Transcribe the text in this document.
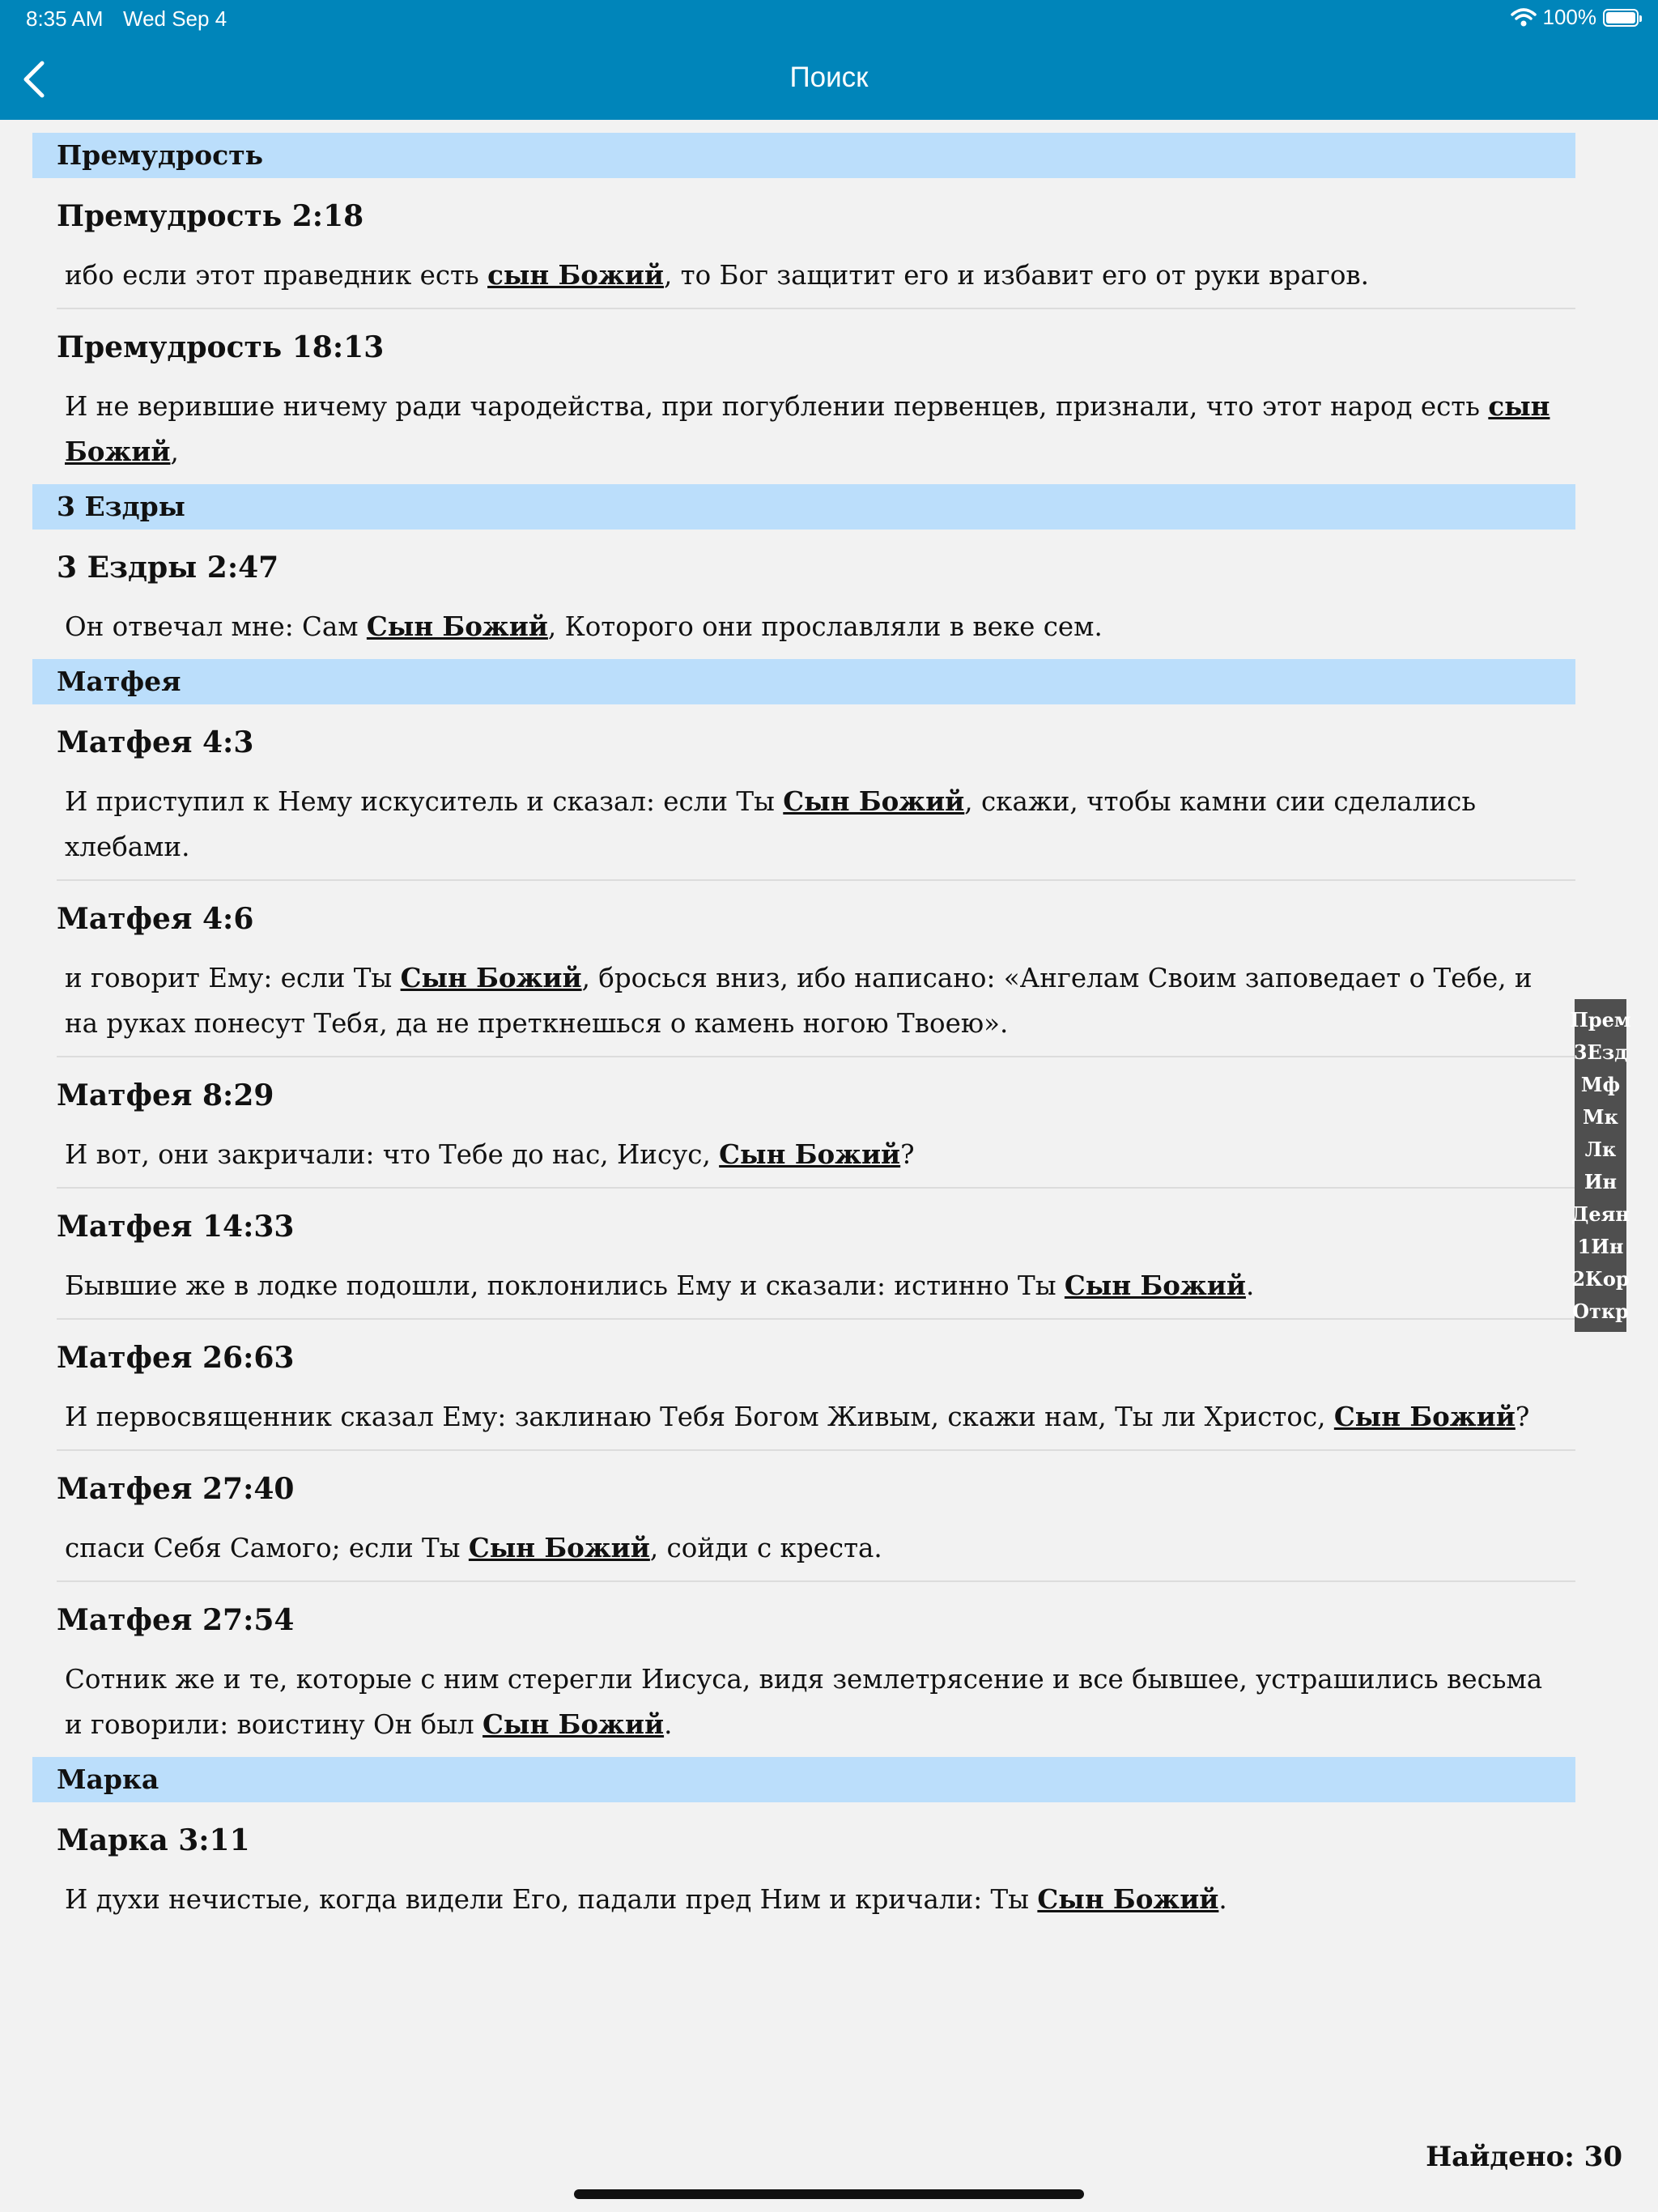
8:35 AM Wed Sep 4	100%
Поиск
Премудрость
Премудрость 2:18
ибо если этот праведник есть сын Божий, то Бог защитит его и избавит его от руки врагов.
Премудрость 18:13
И не верившие ничему ради чародейства, при погублении первенцев, признали, что этот народ есть сын Божий,
3 Ездры
3 Ездры 2:47
Он отвечал мне: Сам Сын Божий, Которого они прославляли в веке сем.
Матфея
Матфея 4:3
И приступил к Нему искуситель и сказал: если Ты Сын Божий, скажи, чтобы камни сии сделались хлебами.
Матфея 4:6
и говорит Ему: если Ты Сын Божий, бросься вниз, ибо написано: «Ангелам Своим заповедает о Тебе, и на руках понесут Тебя, да не преткнешься о камень ногою Твоею».
Матфея 8:29
И вот, они закричали: что Тебе до нас, Иисус, Сын Божий?
Матфея 14:33
Бывшие же в лодке подошли, поклонились Ему и сказали: истинно Ты Сын Божий.
Матфея 26:63
И первосвященник сказал Ему: заклинаю Тебя Богом Живым, скажи нам, Ты ли Христос, Сын Божий?
Матфея 27:40
спаси Себя Самого; если Ты Сын Божий, сойди с креста.
Матфея 27:54
Сотник же и те, которые с ним стерегли Иисуса, видя землетрясение и все бывшее, устрашились весьма и говорили: воистину Он был Сын Божий.
Марка
Марка 3:11
И духи нечистые, когда видели Его, падали пред Ним и кричали: Ты Сын Божий.
Прем
3Езд
Мф
Мк
Лк
Ин
Деян
1Ин
2Кор
Откр
Найдено: 30
